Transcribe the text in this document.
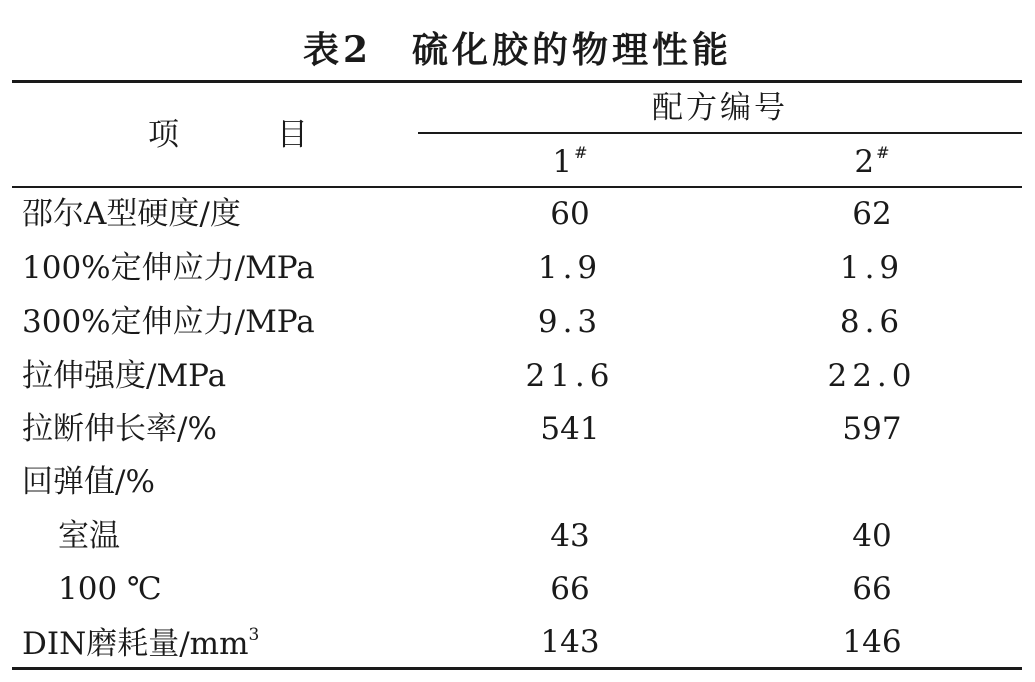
表2 硫化胶的物理性能
项 目
配方编号
1 #	2 #
邵尔A型硬度/度	60	62
100%定伸应力/MPa	1.9	1.9
300%定伸应力/MPa	9.3	8.6
拉伸强度/MPa	21.6	22.0
拉断伸长率/%	541	597
回弹值/%
室温	43	40
100 ℃	66	66
DIN磨耗量$/mm^3$	143	146
